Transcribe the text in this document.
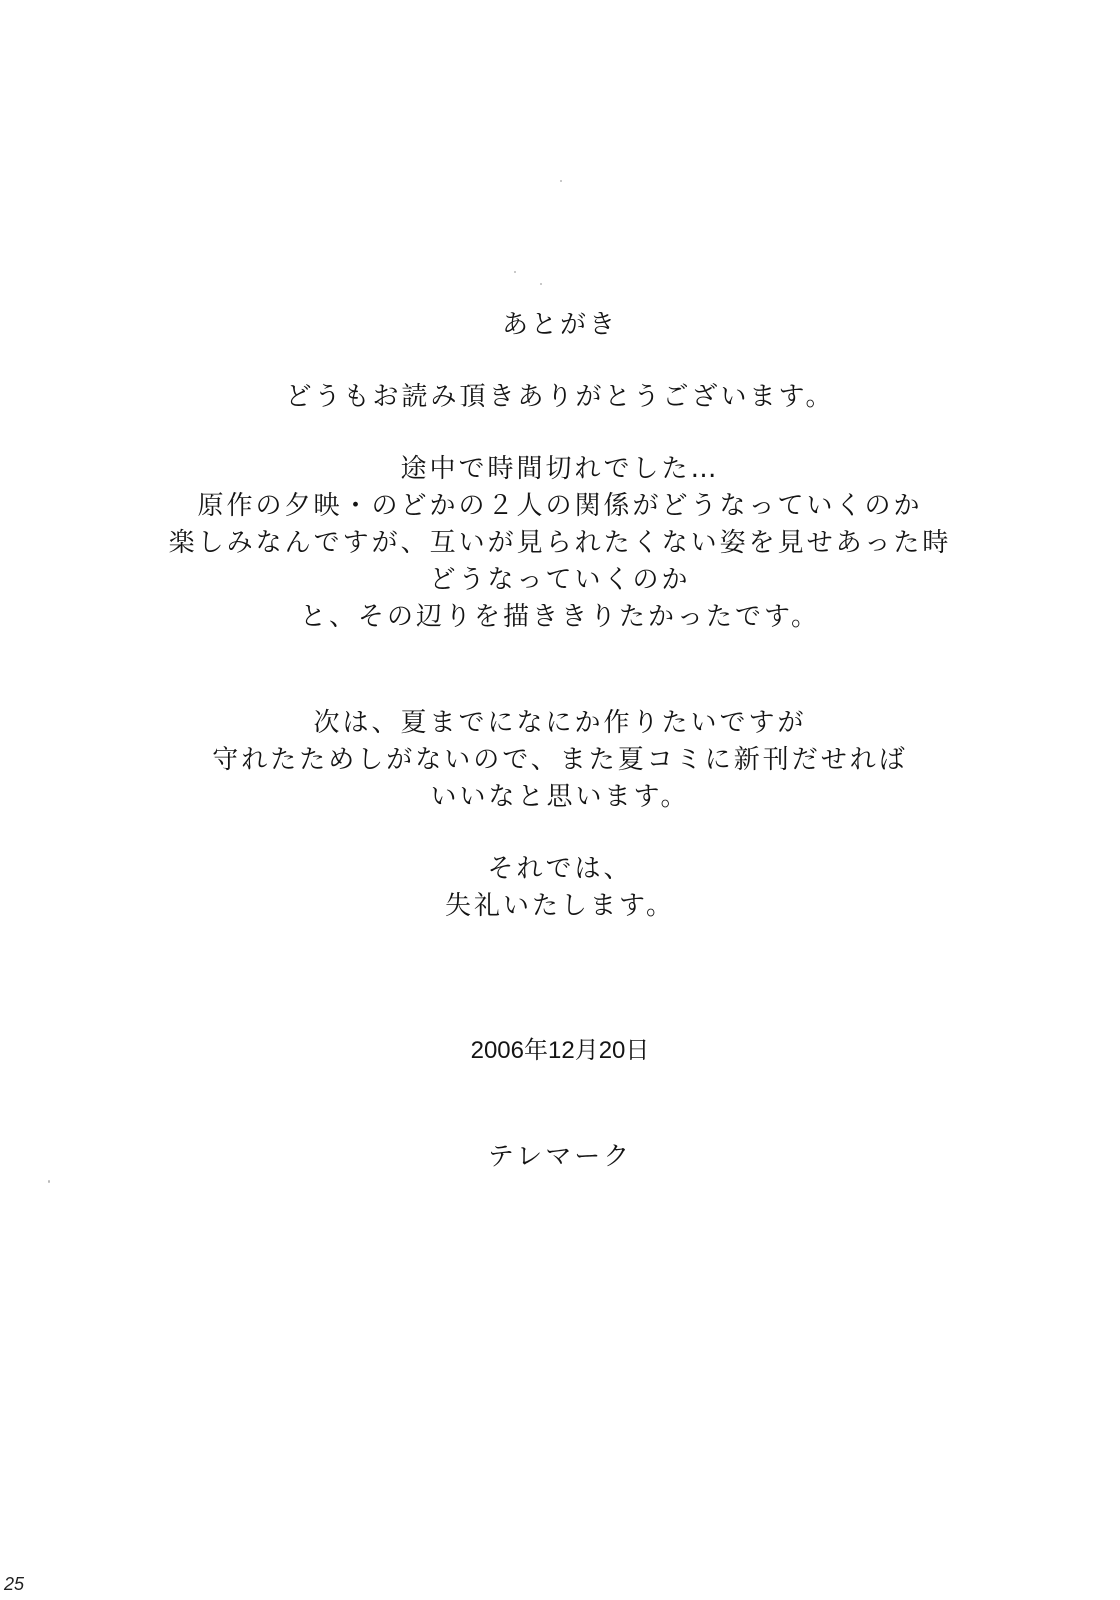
あとがき
どうもお読み頂きありがとうございます。
途中で時間切れでした…
原作の夕映・のどかの２人の関係がどうなっていくのか
楽しみなんですが、互いが見られたくない姿を見せあった時
どうなっていくのか
と、その辺りを描ききりたかったです。
次は、夏までになにか作りたいですが
守れたためしがないので、また夏コミに新刊だせれば
いいなと思います。
それでは、
失礼いたします。
2006年12月20日
テレマーク
25
